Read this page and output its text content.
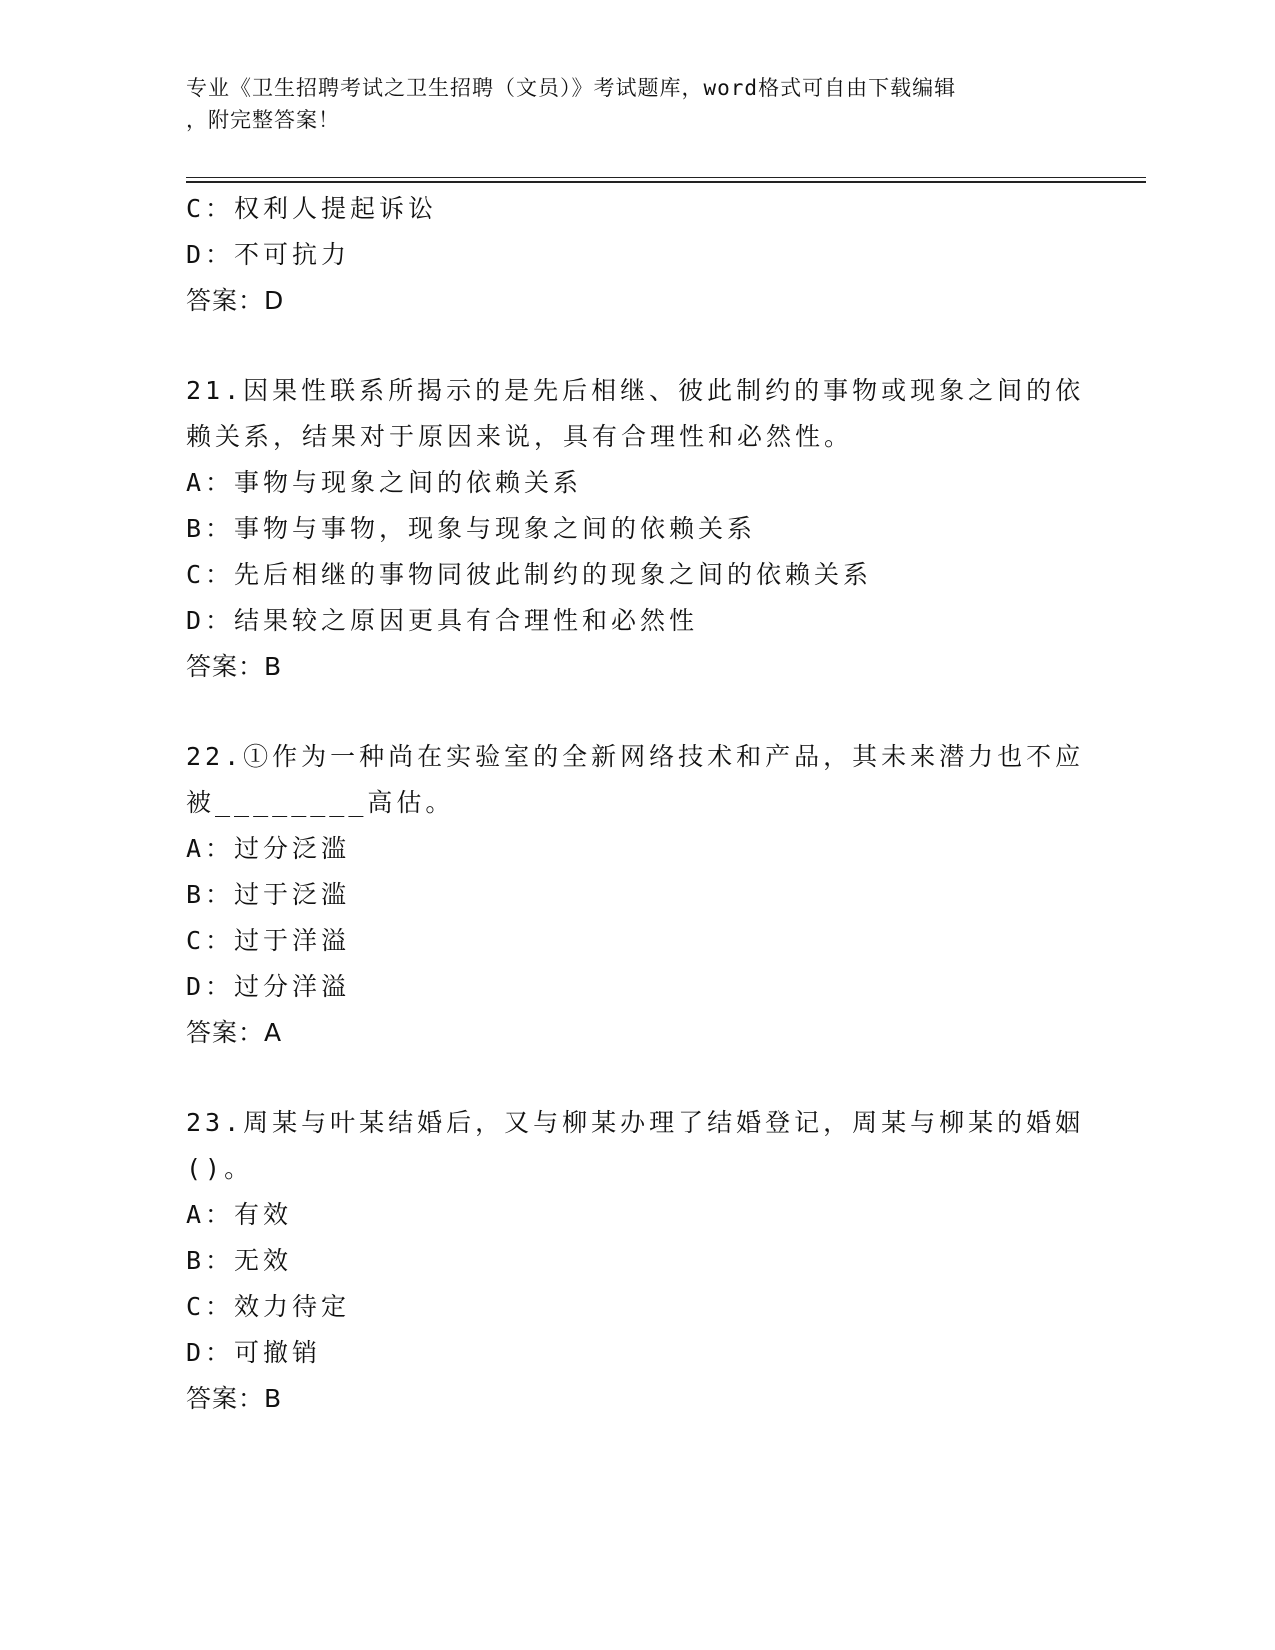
专业《卫生招聘考试之卫生招聘（文员）》考试题库，word格式可自由下载编辑
，附完整答案！
C：权利人提起诉讼
D：不可抗力
答案：D
21.因果性联系所揭示的是先后相继、彼此制约的事物或现象之间的依
赖关系，结果对于原因来说，具有合理性和必然性。
A：事物与现象之间的依赖关系
B：事物与事物，现象与现象之间的依赖关系
C：先后相继的事物同彼此制约的现象之间的依赖关系
D：结果较之原因更具有合理性和必然性
答案：B
22.①作为一种尚在实验室的全新网络技术和产品，其未来潜力也不应
被________高估。
A：过分泛滥
B：过于泛滥
C：过于洋溢
D：过分洋溢
答案：A
23.周某与叶某结婚后，又与柳某办理了结婚登记，周某与柳某的婚姻
()。
A：有效
B：无效
C：效力待定
D：可撤销
答案：B
